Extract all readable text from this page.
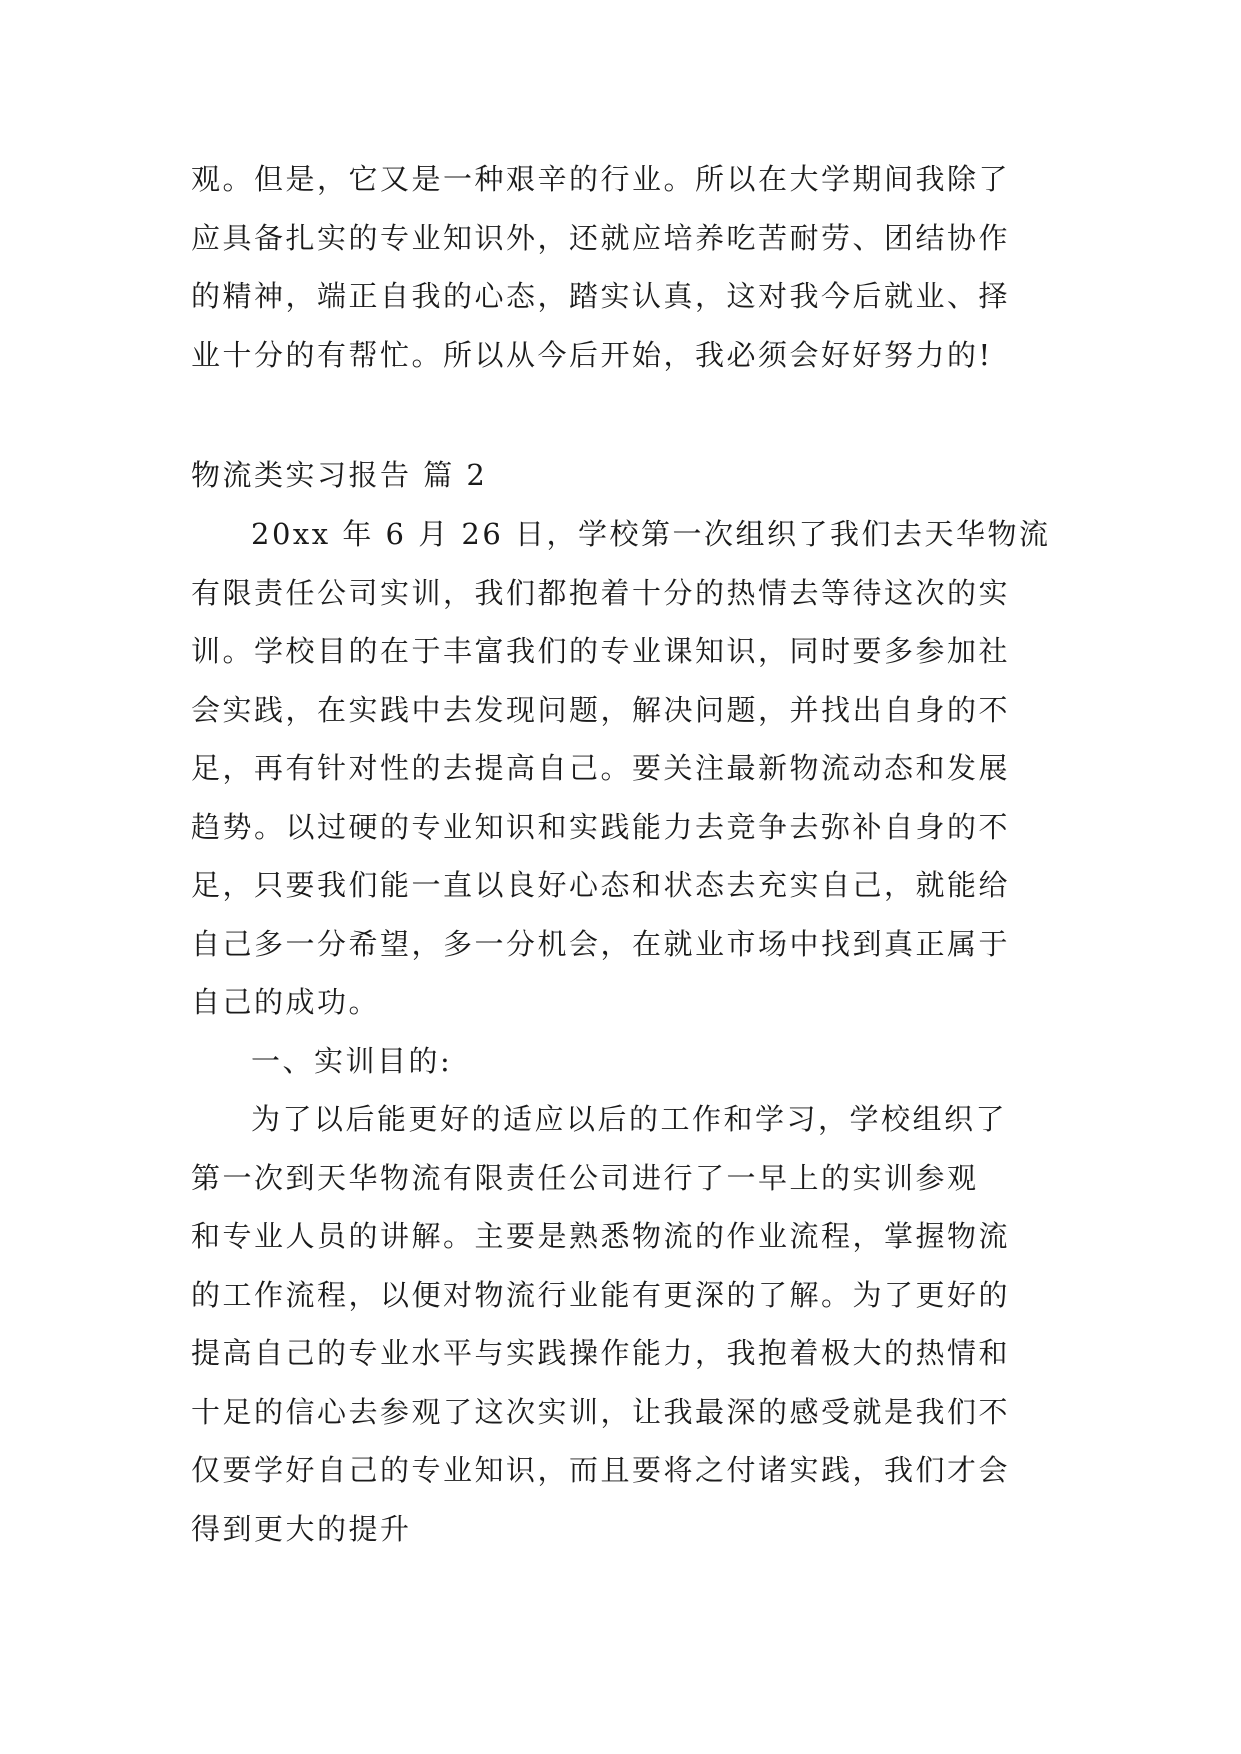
观。但是，它又是一种艰辛的行业。所以在大学期间我除了
应具备扎实的专业知识外，还就应培养吃苦耐劳、团结协作
的精神，端正自我的心态，踏实认真，这对我今后就业、择
业十分的有帮忙。所以从今后开始，我必须会好好努力的!
物流类实习报告 篇 2
20xx 年 6 月 26 日，学校第一次组织了我们去天华物流
有限责任公司实训，我们都抱着十分的热情去等待这次的实
训。学校目的在于丰富我们的专业课知识，同时要多参加社
会实践，在实践中去发现问题，解决问题，并找出自身的不
足，再有针对性的去提高自己。要关注最新物流动态和发展
趋势。以过硬的专业知识和实践能力去竞争去弥补自身的不
足，只要我们能一直以良好心态和状态去充实自己，就能给
自己多一分希望，多一分机会，在就业市场中找到真正属于
自己的成功。
一、实训目的:
为了以后能更好的适应以后的工作和学习，学校组织了
第一次到天华物流有限责任公司进行了一早上的实训参观
和专业人员的讲解。主要是熟悉物流的作业流程，掌握物流
的工作流程，以便对物流行业能有更深的了解。为了更好的
提高自己的专业水平与实践操作能力，我抱着极大的热情和
十足的信心去参观了这次实训，让我最深的感受就是我们不
仅要学好自己的专业知识，而且要将之付诸实践，我们才会
得到更大的提升
